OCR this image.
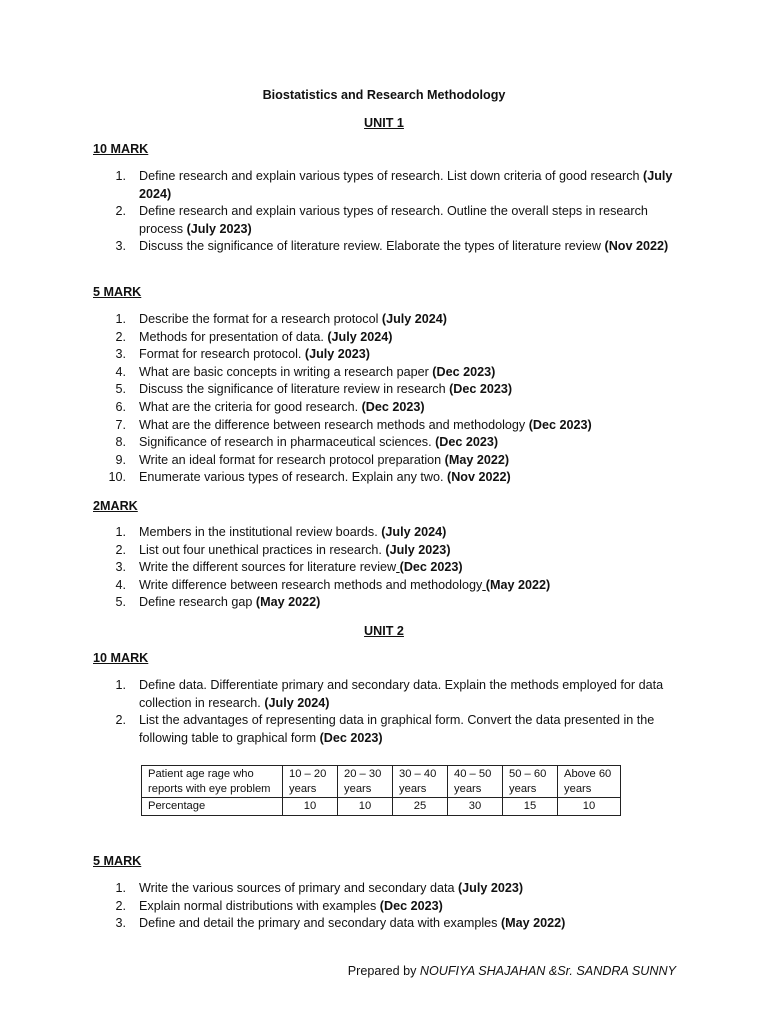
Biostatistics and Research Methodology
UNIT 1
10 MARK
1. Define research and explain various types of research. List down criteria of good research (July 2024)
2. Define research and explain various types of research. Outline the overall steps in research process (July 2023)
3. Discuss the significance of literature review. Elaborate the types of literature review (Nov 2022)
5 MARK
1. Describe the format for a research protocol (July 2024)
2. Methods for presentation of data. (July 2024)
3. Format for research protocol. (July 2023)
4. What are basic concepts in writing a research paper (Dec 2023)
5. Discuss the significance of literature review in research (Dec 2023)
6. What are the criteria for good research. (Dec 2023)
7. What are the difference between research methods and methodology (Dec 2023)
8. Significance of research in pharmaceutical sciences. (Dec 2023)
9. Write an ideal format for research protocol preparation (May 2022)
10. Enumerate various types of research. Explain any two. (Nov 2022)
2MARK
1. Members in the institutional review boards. (July 2024)
2. List out four unethical practices in research. (July 2023)
3. Write the different sources for literature review (Dec 2023)
4. Write difference between research methods and methodology (May 2022)
5. Define research gap (May 2022)
UNIT 2
10 MARK
1. Define data. Differentiate primary and secondary data. Explain the methods employed for data collection in research. (July 2024)
2. List the advantages of representing data in graphical form. Convert the data presented in the following table to graphical form (Dec 2023)
Patient age rage who reports with eye problem	10 – 20 years	20 – 30 years	30 – 40 years	40 – 50 years	50 – 60 years	Above 60 years
Percentage	10	10	25	30	15	10
5 MARK
1. Write the various sources of primary and secondary data (July 2023)
2. Explain normal distributions with examples (Dec 2023)
3. Define and detail the primary and secondary data with examples (May 2022)
Prepared by NOUFIYA SHAJAHAN &Sr. SANDRA SUNNY
